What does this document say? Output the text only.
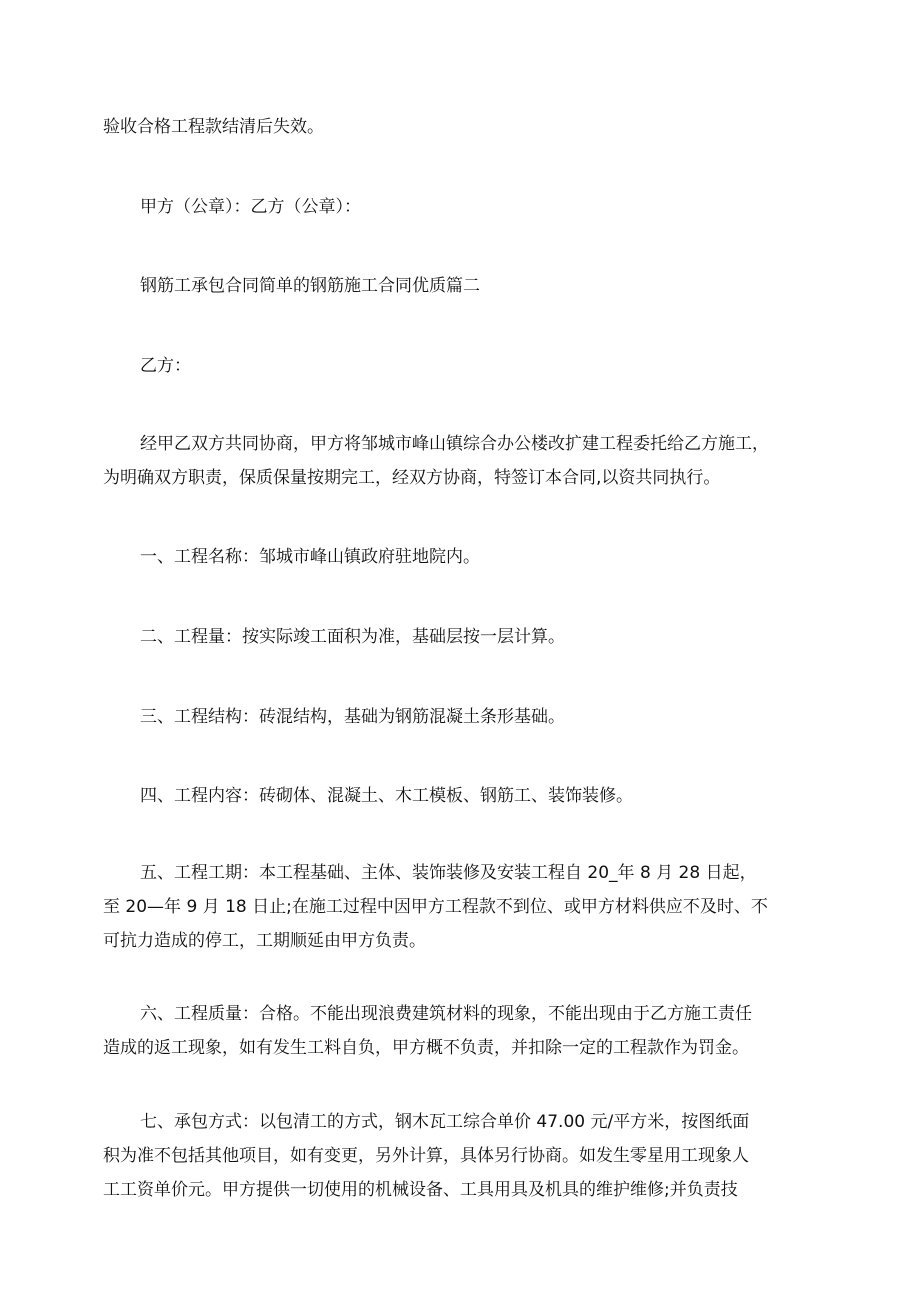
验收合格工程款结清后失效。

甲方（公章）：乙方（公章）：

钢筋工承包合同简单的钢筋施工合同优质篇二

乙方：

经甲乙双方共同协商，甲方将邹城市峰山镇综合办公楼改扩建工程委托给乙方施工，
为明确双方职责，保质保量按期完工，经双方协商，特签订本合同,以资共同执行。

一、工程名称：邹城市峰山镇政府驻地院内。

二、工程量：按实际竣工面积为准，基础层按一层计算。

三、工程结构：砖混结构，基础为钢筋混凝土条形基础。

四、工程内容：砖砌体、混凝土、木工模板、钢筋工、装饰装修。

五、工程工期：本工程基础、主体、装饰装修及安装工程自 20_年 8 月 28 日起，
至 20—年 9 月 18 日止;在施工过程中因甲方工程款不到位、或甲方材料供应不及时、不
可抗力造成的停工，工期顺延由甲方负责。

六、工程质量：合格。不能出现浪费建筑材料的现象，不能出现由于乙方施工责任
造成的返工现象，如有发生工料自负，甲方概不负责，并扣除一定的工程款作为罚金。

七、承包方式：以包清工的方式，钢木瓦工综合单价 47.00 元/平方米，按图纸面
积为准不包括其他项目，如有变更，另外计算，具体另行协商。如发生零星用工现象人
工工资单价元。甲方提供一切使用的机械设备、工具用具及机具的维护维修;并负责技
